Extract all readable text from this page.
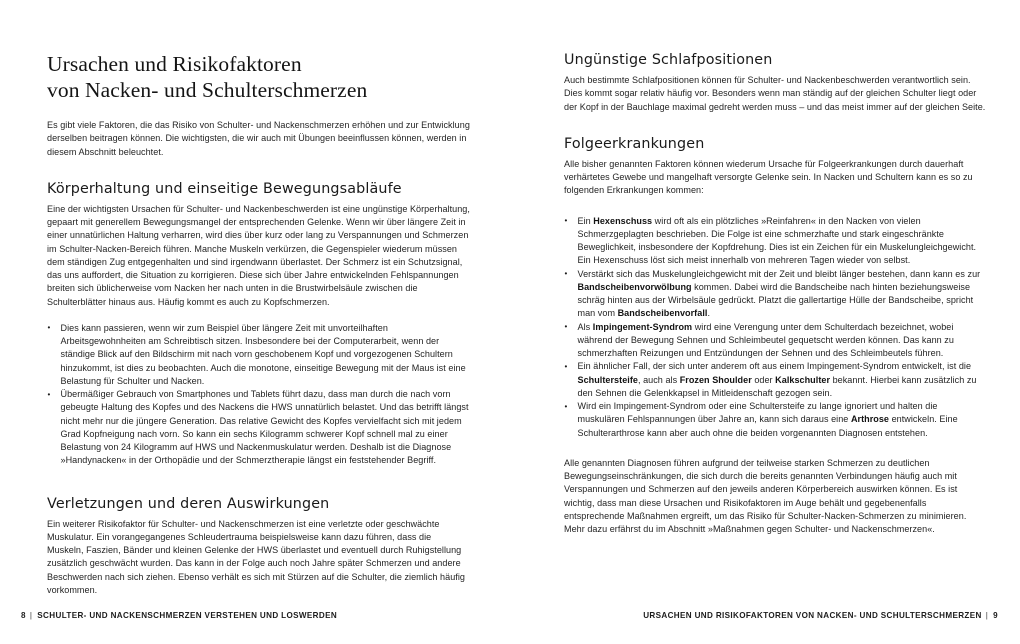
Ursachen und Risikofaktoren
von Nacken- und Schulterschmerzen

Es gibt viele Faktoren, die das Risiko von Schulter- und Nackenschmerzen erhöhen und zur Entwicklung derselben beitragen können. Die wichtigsten, die wir auch mit Übungen beeinflussen können, werden in diesem Abschnitt beleuchtet.

Körperhaltung und einseitige Bewegungsabläufe

Eine der wichtigsten Ursachen für Schulter- und Nackenbeschwerden ist eine ungünstige Körperhaltung, gepaart mit generellem Bewegungsmangel der entsprechenden Gelenke. Wenn wir über längere Zeit in einer unnatürlichen Haltung verharren, wird dies über kurz oder lang zu Verspannungen und Schmerzen im Schulter-Nacken-Bereich führen. Manche Muskeln verkürzen, die Gegenspieler wiederum müssen dem ständigen Zug entgegenhalten und sind irgendwann überlastet. Der Schmerz ist ein Schutzsignal, das uns auffordert, die Situation zu korrigieren. Diese sich über Jahre entwickelnden Fehlspannungen breiten sich üblicherweise vom Nacken her nach unten in die Brustwirbelsäule zwischen die Schulterblätter hinaus aus. Häufig kommt es auch zu Kopfschmerzen.

• Dies kann passieren, wenn wir zum Beispiel über längere Zeit mit unvorteilhaften Arbeitsgewohnheiten am Schreibtisch sitzen. Insbesondere bei der Computerarbeit, wenn der ständige Blick auf den Bildschirm mit nach vorn geschobenem Kopf und vorgezogenen Schultern hinzukommt, ist dies zu beobachten. Auch die monotone, einseitige Bewegung mit der Maus ist eine Belastung für Schulter und Nacken.
• Übermäßiger Gebrauch von Smartphones und Tablets führt dazu, dass man durch die nach vorn gebeugte Haltung des Kopfes und des Nackens die HWS unnatürlich belastet. Und das betrifft längst nicht mehr nur die jüngere Generation. Das relative Gewicht des Kopfes vervielfacht sich mit jedem Grad Kopfneigung nach vorn. So kann ein sechs Kilogramm schwerer Kopf schnell mal zu einer Belastung von 24 Kilogramm auf HWS und Nackenmuskulatur werden. Deshalb ist die Diagnose »Handynacken« in der Orthopädie und der Schmerztherapie längst ein feststehender Begriff.
Verletzungen und deren Auswirkungen

Ein weiterer Risikofaktor für Schulter- und Nackenschmerzen ist eine verletzte oder geschwächte Muskulatur. Ein vorangegangenes Schleudertrauma beispielsweise kann dazu führen, dass die Muskeln, Faszien, Bänder und kleinen Gelenke der HWS überlastet und eventuell durch Ruhigstellung zusätzlich geschwächt wurden. Das kann in der Folge auch noch Jahre später Schmerzen und andere Beschwerden nach sich ziehen. Ebenso verhält es sich mit Stürzen auf die Schulter, die ziemlich häufig vorkommen.

Ungünstige Schlafpositionen

Auch bestimmte Schlafpositionen können für Schulter- und Nackenbeschwerden verantwortlich sein. Dies kommt sogar relativ häufig vor. Besonders wenn man ständig auf der gleichen Schulter liegt oder der Kopf in der Bauchlage maximal gedreht werden muss – und das meist immer auf der gleichen Seite.

Folgeerkrankungen

Alle bisher genannten Faktoren können wiederum Ursache für Folgeerkrankungen durch dauerhaft verhärtetes Gewebe und mangelhaft versorgte Gelenke sein. In Nacken und Schultern kann es so zu folgenden Erkrankungen kommen:

• Ein Hexenschuss wird oft als ein plötzliches »Reinfahren« in den Nacken von vielen Schmerzgeplagten beschrieben. Die Folge ist eine schmerzhafte und stark eingeschränkte Beweglichkeit, insbesondere der Kopfdrehung. Dies ist ein Zeichen für ein Muskelungleichgewicht. Ein Hexenschuss löst sich meist innerhalb von mehreren Tagen wieder von selbst.
• Verstärkt sich das Muskelungleichgewicht mit der Zeit und bleibt länger bestehen, dann kann es zur Bandscheibenvorwölbung kommen. Dabei wird die Bandscheibe nach hinten beziehungsweise schräg hinten aus der Wirbelsäule gedrückt. Platzt die gallertartige Hülle der Bandscheibe, spricht man vom Bandscheibenvorfall.
• Als Impingement-Syndrom wird eine Verengung unter dem Schulterdach bezeichnet, wobei während der Bewegung Sehnen und Schleimbeutel gequetscht werden können. Das kann zu schmerzhaften Reizungen und Entzündungen der Sehnen und des Schleimbeutels führen.
• Ein ähnlicher Fall, der sich unter anderem oft aus einem Impingement-Syndrom entwickelt, ist die Schultersteife, auch als Frozen Shoulder oder Kalkschulter bekannt. Hierbei kann zusätzlich zu den Sehnen die Gelenkkapsel in Mitleidenschaft gezogen sein.
• Wird ein Impingement-Syndrom oder eine Schultersteife zu lange ignoriert und halten die muskulären Fehlspannungen über Jahre an, kann sich daraus eine Arthrose entwickeln. Eine Schulterarthrose kann aber auch ohne die beiden vorgenannten Diagnosen entstehen.

Alle genannten Diagnosen führen aufgrund der teilweise starken Schmerzen zu deutlichen Bewegungseinschränkungen, die sich durch die bereits genannten Verbindungen häufig auch mit Verspannungen und Schmerzen auf den jeweils anderen Körperbereich auswirken können. Es ist wichtig, dass man diese Ursachen und Risikofaktoren im Auge behält und gegebenenfalls entsprechende Maßnahmen ergreift, um das Risiko für Schulter-Nacken-Schmerzen zu minimieren. Mehr dazu erfährst du im Abschnitt »Maßnahmen gegen Schulter- und Nackenschmerzen«.

8 | SCHULTER- UND NACKENSCHMERZEN VERSTEHEN UND LOSWERDEN	URSACHEN UND RISIKOFAKTOREN VON NACKEN- UND SCHULTERSCHMERZEN | 9
